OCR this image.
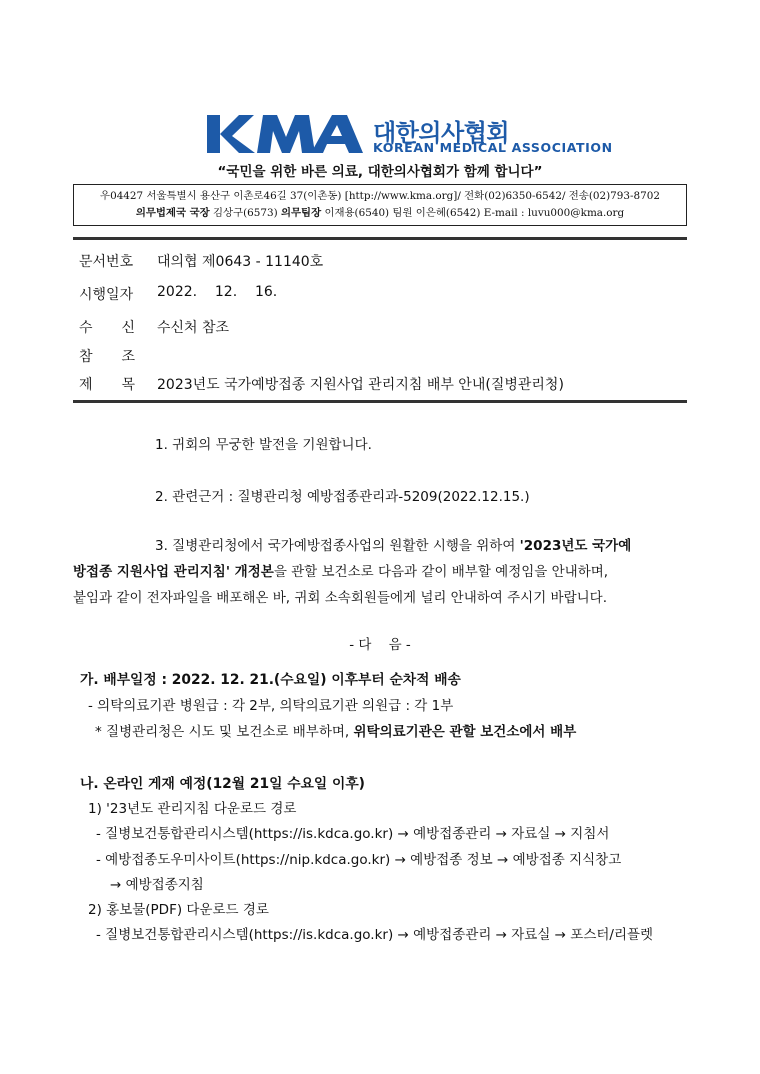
대한의사협회
KOREAN MEDICAL ASSOCIATION
“국민을 위한 바른 의료, 대한의사협회가 함께 합니다”
우04427 서울특별시 용산구 이촌로46길 37(이촌동) [http://www.kma.org]/ 전화(02)6350-6542/ 전송(02)793-8702
의무법제국 국장 김상구(6573) 의무팀장 이재용(6540) 팀원 이은혜(6542) E-mail : luvu000@kma.org
문서번호	대의협 제0643 - 11140호
시행일자	2022.    12.    16.
수 신 수신처 참조
참 조
제 목 2023년도 국가예방접종 지원사업 관리지침 배부 안내(질병관리청)
1. 귀회의 무궁한 발전을 기원합니다.
2. 관련근거 : 질병관리청 예방접종관리과-5209(2022.12.15.)
3. 질병관리청에서 국가예방접종사업의 원활한 시행을 위하여 '2023년도 국가예
방접종 지원사업 관리지침' 개정본을 관할 보건소로 다음과 같이 배부할 예정임을 안내하며,
붙임과 같이 전자파일을 배포해온 바, 귀회 소속회원들에게 널리 안내하여 주시기 바랍니다.
- 다    음 -
가. 배부일정 : 2022. 12. 21.(수요일) 이후부터 순차적 배송
- 의탁의료기관 병원급 : 각 2부, 의탁의료기관 의원급 : 각 1부
* 질병관리청은 시도 및 보건소로 배부하며, 위탁의료기관은 관할 보건소에서 배부
나. 온라인 게재 예정(12월 21일 수요일 이후)
1) '23년도 관리지침 다운로드 경로
- 질병보건통합관리시스템(https://is.kdca.go.kr) → 예방접종관리 → 자료실 → 지침서
- 예방접종도우미사이트(https://nip.kdca.go.kr) → 예방접종 정보 → 예방접종 지식창고
→ 예방접종지침
2) 홍보물(PDF) 다운로드 경로
- 질병보건통합관리시스템(https://is.kdca.go.kr) → 예방접종관리 → 자료실 → 포스터/리플렛
